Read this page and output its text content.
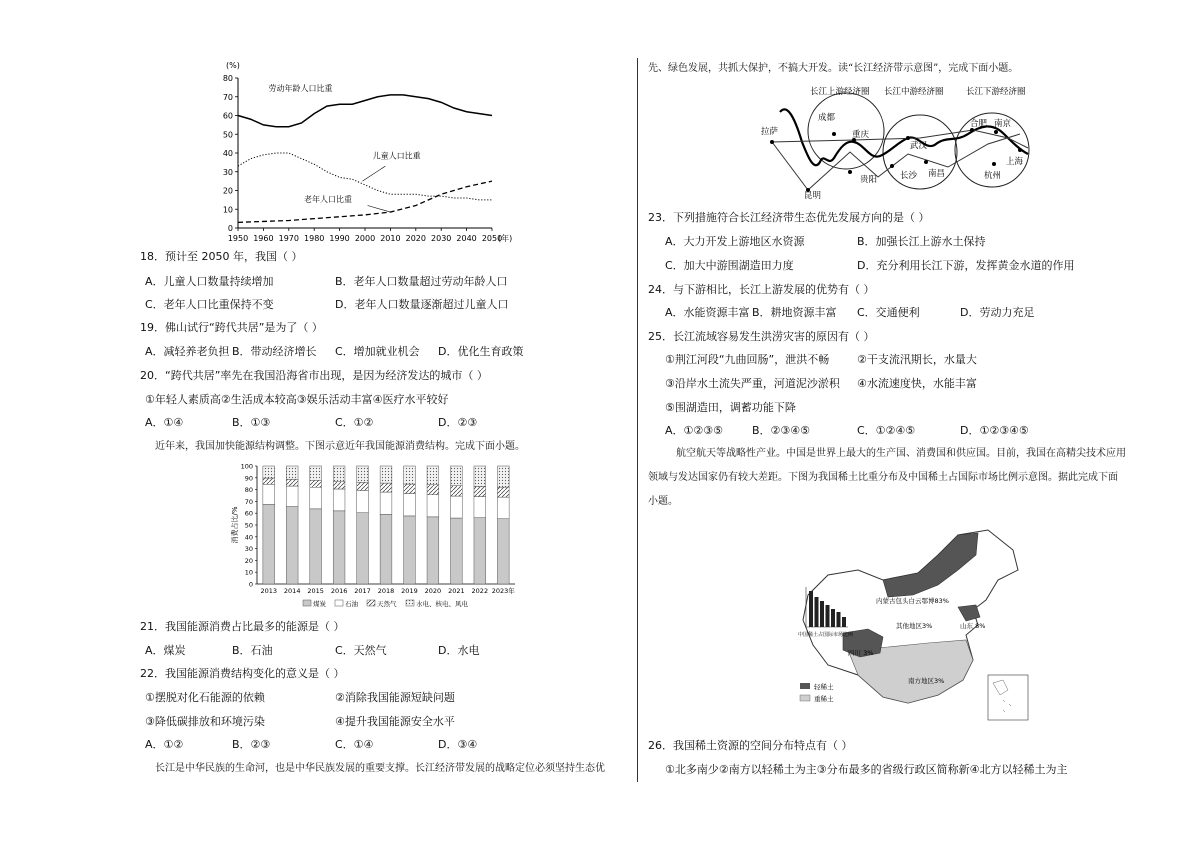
(%)
80
70
60
50
40
30
20
10
0
1950 1960 1970 1980 1990 2000 2010 2020 2030 2040 2050
(年)
劳动年龄人口比重
儿童人口比重
老年人口比重
18．预计至 2050 年，我国（ ）
A．儿童人口数量持续增加	B．老年人口数量超过劳动年龄人口
C．老年人口比重保持不变	D．老年人口数量逐渐超过儿童人口
19．佛山试行“跨代共居”是为了（ ）
A．减轻养老负担 B．带动经济增长 C．增加就业机会 D．优化生育政策
20．“跨代共居”率先在我国沿海省市出现，是因为经济发达的城市（ ）
①年轻人素质高②生活成本较高③娱乐活动丰富④医疗水平较好
A．①④	B．①③	C．①②	D．②③
近年来，我国加快能源结构调整。下图示意近年我国能源消费结构。完成下面小题。
0
10
20
30
40
50
60
70
80
90
100
消费占比/%
2013 2014 2015 2016 2017 2018 2019 2020 2021 2022 2023年
煤炭	石油	天然气	水电、核电、风电
21．我国能源消费占比最多的能源是（ ）
A．煤炭	B．石油	C．天然气	D．水电
22．我国能源消费结构变化的意义是（ ）
①摆脱对化石能源的依赖	②消除我国能源短缺问题
③降低碳排放和环境污染	④提升我国能源安全水平
A．①②	B．②③	C．①④	D．③④
长江是中华民族的生命河，也是中华民族发展的重要支撑。长江经济带发展的战略定位必须坚持生态优
先、绿色发展，共抓大保护，不搞大开发。读“长江经济带示意图”，完成下面小题。
长江上游经济圈 长江中游经济圈	长江下游经济圈
拉萨
成都
重庆
昆明
贵阳
武汉
长沙 南昌
合肥 南京
上海
杭州
23．下列措施符合长江经济带生态优先发展方向的是（ ）
A．大力开发上游地区水资源	B．加强长江上游水土保持
C．加大中游围湖造田力度	D．充分利用长江下游，发挥黄金水道的作用
24．与下游相比，长江上游发展的优势有（ ）
A．水能资源丰富 B．耕地资源丰富 C．交通便利	D．劳动力充足
25．长江流域容易发生洪涝灾害的原因有（ ）
①荆江河段“九曲回肠”，泄洪不畅	②干支流汛期长，水量大
③沿岸水土流失严重，河道泥沙淤积 ④水流速度快，水能丰富
⑤围湖造田，调蓄功能下降
A．①②③⑤	B．②③④⑤	C．①②④⑤	D．①②③④⑤
航空航天等战略性产业。中国是世界上最大的生产国、消费国和供应国。目前，我国在高精尖技术应用
领域与发达国家仍有较大差距。下图为我国稀土比重分布及中国稀土占国际市场比例示意图。据此完成下面
小题。
中国稀土占国际市场比例
内蒙古包头白云鄂博83%
其他地区3%	山东 8%
四川 3%
南方地区3%
轻稀土
重稀土
26．我国稀土资源的空间分布特点有（ ）
①北多南少②南方以轻稀土为主③分布最多的省级行政区简称新④北方以轻稀土为主
